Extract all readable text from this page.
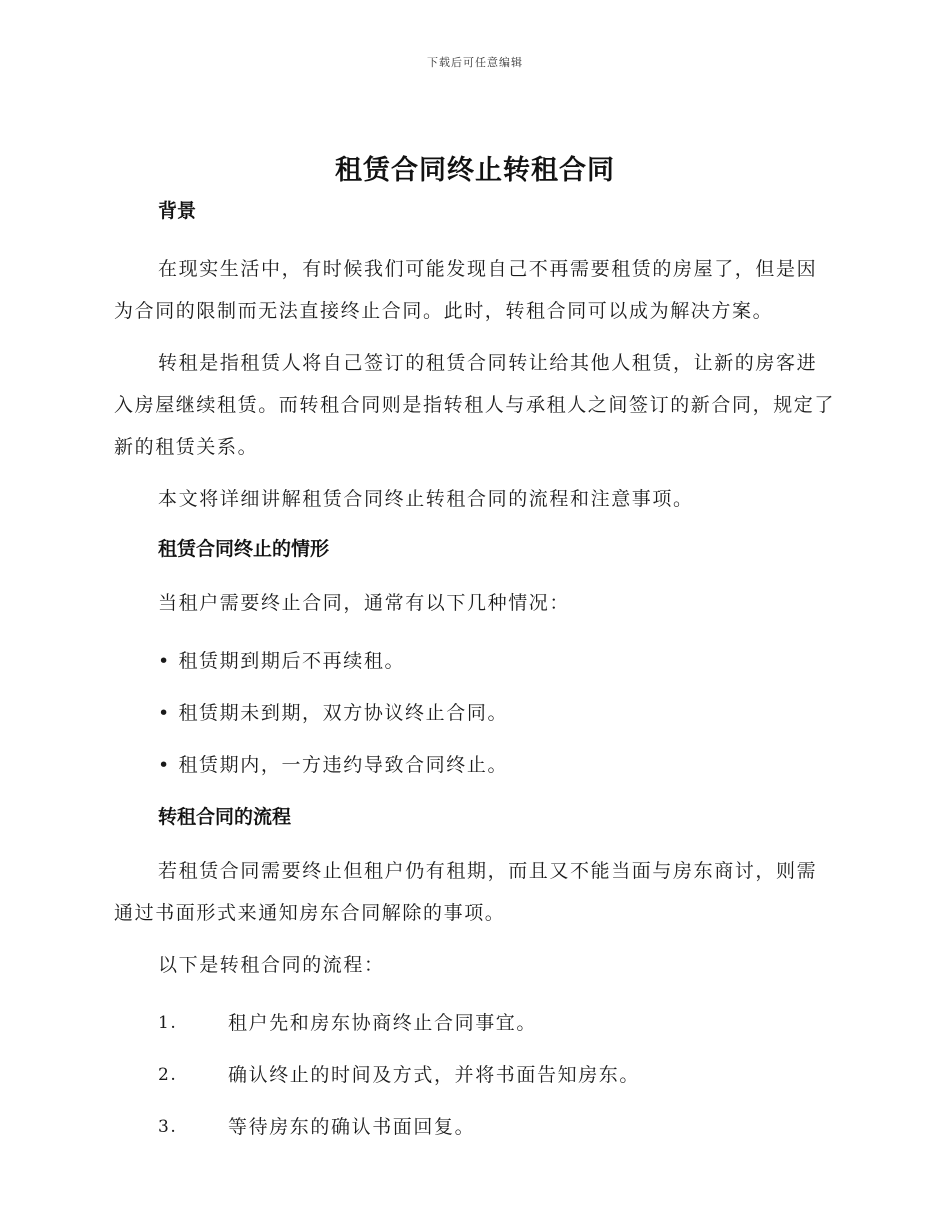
下载后可任意编辑
租赁合同终止转租合同
背景

在现实生活中，有时候我们可能发现自己不再需要租赁的房屋了，但是因为合同的限制而无法直接终止合同。此时，转租合同可以成为解决方案。

转租是指租赁人将自己签订的租赁合同转让给其他人租赁，让新的房客进入房屋继续租赁。而转租合同则是指转租人与承租人之间签订的新合同，规定了新的租赁关系。

本文将详细讲解租赁合同终止转租合同的流程和注意事项。

租赁合同终止的情形

当租户需要终止合同，通常有以下几种情况：

• 租赁期到期后不再续租。
• 租赁期未到期，双方协议终止合同。
• 租赁期内，一方违约导致合同终止。
转租合同的流程

若租赁合同需要终止但租户仍有租期，而且又不能当面与房东商讨，则需通过书面形式来通知房东合同解除的事项。

以下是转租合同的流程：

1.	租户先和房东协商终止合同事宜。
2.	确认终止的时间及方式，并将书面告知房东。
3.	等待房东的确认书面回复。
